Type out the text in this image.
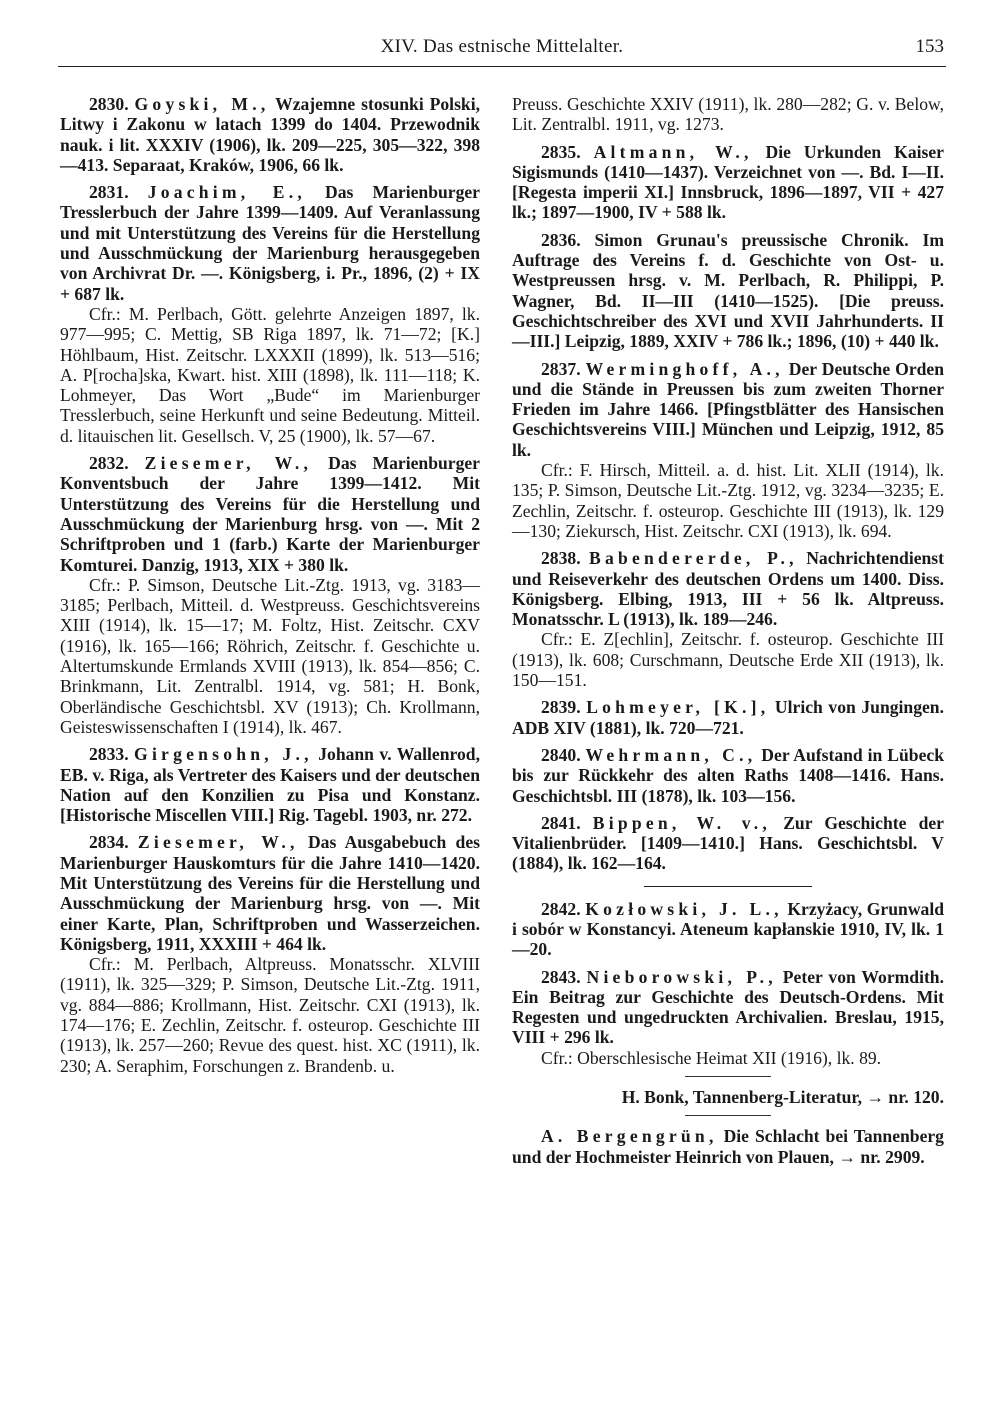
XIV. Das estnische Mittelalter.	153

2830. Goyski, M., Wzajemne stosunki Polski, Litwy i Zakonu w latach 1399 do 1404. Przewodnik nauk. i lit. XXXIV (1906), lk. 209—225, 305—322, 398—413. Separaat, Kraków, 1906, 66 lk.

2831. Joachim, E., Das Marienburger Tresslerbuch der Jahre 1399—1409. Auf Veranlassung und mit Unterstützung des Vereins für die Herstellung und Ausschmückung der Marienburg herausgegeben von Archivrat Dr. —. Königsberg, i. Pr., 1896, (2) + IX + 687 lk.

Cfr.: M. Perlbach, Gött. gelehrte Anzeigen 1897, lk. 977—995; C. Mettig, SB Riga 1897, lk. 71—72; [K.] Höhlbaum, Hist. Zeitschr. LXXXII (1899), lk. 513—516; A. P[rocha]ska, Kwart. hist. XIII (1898), lk. 111—118; K. Lohmeyer, Das Wort „Bude“ im Marienburger Tresslerbuch, seine Herkunft und seine Bedeutung. Mitteil. d. litauischen lit. Gesellsch. V, 25 (1900), lk. 57—67.

2832. Ziesemer, W., Das Marienburger Konventsbuch der Jahre 1399—1412. Mit Unterstützung des Vereins für die Herstellung und Ausschmückung der Marienburg hrsg. von —. Mit 2 Schriftproben und 1 (farb.) Karte der Marienburger Komturei. Danzig, 1913, XIX + 380 lk.

Cfr.: P. Simson, Deutsche Lit.-Ztg. 1913, vg. 3183—3185; Perlbach, Mitteil. d. Westpreuss. Geschichtsvereins XIII (1914), lk. 15—17; M. Foltz, Hist. Zeitschr. CXV (1916), lk. 165—166; Röhrich, Zeitschr. f. Geschichte u. Altertumskunde Ermlands XVIII (1913), lk. 854—856; C. Brinkmann, Lit. Zentralbl. 1914, vg. 581; H. Bonk, Oberländische Geschichtsbl. XV (1913); Ch. Krollmann, Geisteswissenschaften I (1914), lk. 467.

2833. Girgensohn, J., Johann v. Wallenrod, EB. v. Riga, als Vertreter des Kaisers und der deutschen Nation auf den Konzilien zu Pisa und Konstanz. [Historische Miscellen VIII.] Rig. Tagebl. 1903, nr. 272.

2834. Ziesemer, W., Das Ausgabebuch des Marienburger Hauskomturs für die Jahre 1410—1420. Mit Unterstützung des Vereins für die Herstellung und Ausschmückung der Marienburg hrsg. von —. Mit einer Karte, Plan, Schriftproben und Wasserzeichen. Königsberg, 1911, XXXIII + 464 lk.

Cfr.: M. Perlbach, Altpreuss. Monatsschr. XLVIII (1911), lk. 325—329; P. Simson, Deutsche Lit.-Ztg. 1911, vg. 884—886; Krollmann, Hist. Zeitschr. CXI (1913), lk. 174—176; E. Zechlin, Zeitschr. f. osteurop. Geschichte III (1913), lk. 257—260; Revue des quest. hist. XC (1911), lk. 230; A. Seraphim, Forschungen z. Brandenb. u.

Preuss. Geschichte XXIV (1911), lk. 280—282; G. v. Below, Lit. Zentralbl. 1911, vg. 1273.

2835. Altmann, W., Die Urkunden Kaiser Sigismunds (1410—1437). Verzeichnet von —. Bd. I—II. [Regesta imperii XI.] Innsbruck, 1896—1897, VII + 427 lk.; 1897—1900, IV + 588 lk.

2836. Simon Grunau's preussische Chronik. Im Auftrage des Vereins f. d. Geschichte von Ost- u. Westpreussen hrsg. v. M. Perlbach, R. Philippi, P. Wagner, Bd. II—III (1410—1525). [Die preuss. Geschichtschreiber des XVI und XVII Jahrhunderts. II—III.] Leipzig, 1889, XXIV + 786 lk.; 1896, (10) + 440 lk.

2837. Werminghoff, A., Der Deutsche Orden und die Stände in Preussen bis zum zweiten Thorner Frieden im Jahre 1466. [Pfingstblätter des Hansischen Geschichtsvereins VIII.] München und Leipzig, 1912, 85 lk.

Cfr.: F. Hirsch, Mitteil. a. d. hist. Lit. XLII (1914), lk. 135; P. Simson, Deutsche Lit.-Ztg. 1912, vg. 3234—3235; E. Zechlin, Zeitschr. f. osteurop. Geschichte III (1913), lk. 129—130; Ziekursch, Hist. Zeitschr. CXI (1913), lk. 694.

2838. Babendererde, P., Nachrichtendienst und Reiseverkehr des deutschen Ordens um 1400. Diss. Königsberg. Elbing, 1913, III + 56 lk. Altpreuss. Monatsschr. L (1913), lk. 189—246.

Cfr.: E. Z[echlin], Zeitschr. f. osteurop. Geschichte III (1913), lk. 608; Curschmann, Deutsche Erde XII (1913), lk. 150—151.

2839. Lohmeyer, [K.], Ulrich von Jungingen. ADB XIV (1881), lk. 720—721.

2840. Wehrmann, C., Der Aufstand in Lübeck bis zur Rückkehr des alten Raths 1408—1416. Hans. Geschichtsbl. III (1878), lk. 103—156.

2841. Bippen, W. v., Zur Geschichte der Vitalienbrüder. [1409—1410.] Hans. Geschichtsbl. V (1884), lk. 162—164.

2842. Kozłowski, J. L., Krzyżacy, Grunwald i sobór w Konstancyi. Ateneum kapłanskie 1910, IV, lk. 1—20.

2843. Nieborowski, P., Peter von Wormdith. Ein Beitrag zur Geschichte des Deutsch-Ordens. Mit Regesten und ungedruckten Archivalien. Breslau, 1915, VIII + 296 lk.

Cfr.: Oberschlesische Heimat XII (1916), lk. 89.

H. Bonk, Tannenberg-Literatur, → nr. 120.

A. Bergengrün, Die Schlacht bei Tannenberg und der Hochmeister Heinrich von Plauen, → nr. 2909.
